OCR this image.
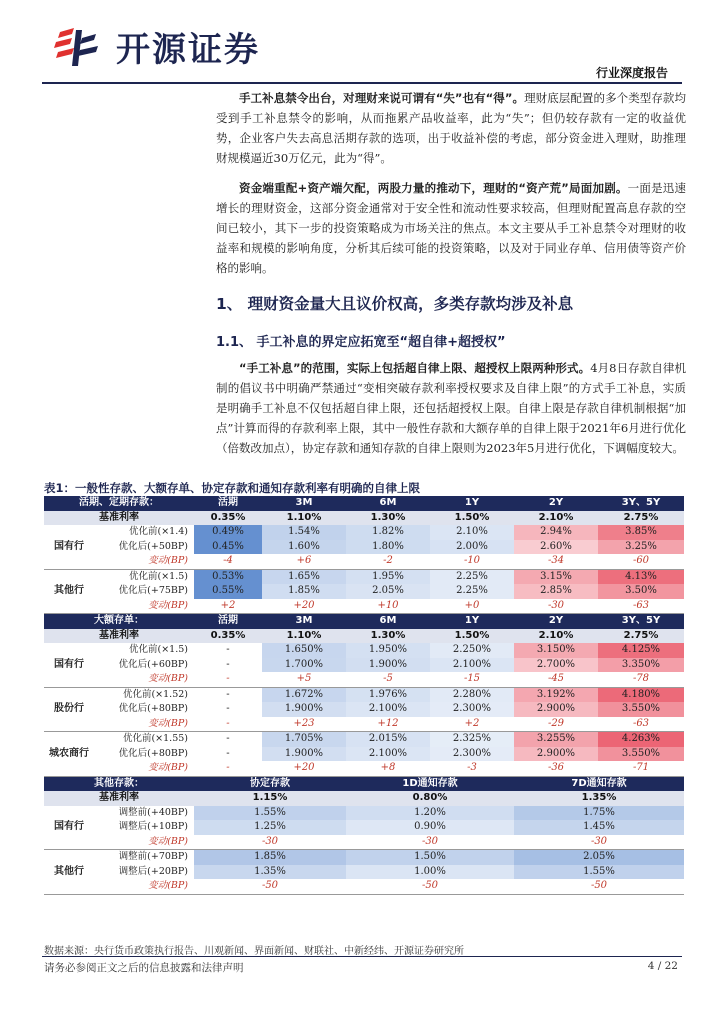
开源证券
行业深度报告

手工补息禁令出台，对理财来说可谓有“失”也有“得”。理财底层配置的多个类型存款均受到手工补息禁令的影响，从而拖累产品收益率，此为“失”；但仍较存款有一定的收益优势，企业客户失去高息活期存款的选项，出于收益补偿的考虑，部分资金进入理财，助推理财规模逼近30万亿元，此为“得”。

资金端重配+资产端欠配，两股力量的推动下，理财的“资产荒”局面加剧。一面是迅速增长的理财资金，这部分资金通常对于安全性和流动性要求较高，但理财配置高息存款的空间已较小，其下一步的投资策略成为市场关注的焦点。本文主要从手工补息禁令对理财的收益率和规模的影响角度，分析其后续可能的投资策略，以及对于同业存单、信用债等资产价格的影响。

1、 理财资金量大且议价权高，多类存款均涉及补息
1.1、 手工补息的界定应拓宽至“超自律+超授权”

“手工补息”的范围，实际上包括超自律上限、超授权上限两种形式。4月8日存款自律机制的倡议书中明确严禁通过“变相突破存款利率授权要求及自律上限”的方式手工补息，实质是明确手工补息不仅包括超自律上限，还包括超授权上限。自律上限是存款自律机制根据“加点”计算而得的存款利率上限，其中一般性存款和大额存单的自律上限于2021年6月进行优化（倍数改加点），协定存款和通知存款的自律上限则为2023年5月进行优化，下调幅度较大。

表1：一般性存款、大额存单、协定存款和通知存款利率有明确的自律上限
活期、定期存款：		活期	3M	6M	1Y	2Y	3Y、5Y
基准利率		0.35%	1.10%	1.30%	1.50%	2.10%	2.75%
国有行	优化前(×1.4)	0.49%	1.54%	1.82%	2.10%	2.94%	3.85%
	优化后(+50BP)	0.45%	1.60%	1.80%	2.00%	2.60%	3.25%
	变动(BP)	-4	+6	-2	-10	-34	-60
其他行	优化前(×1.5)	0.53%	1.65%	1.95%	2.25%	3.15%	4.13%
	优化后(+75BP)	0.55%	1.85%	2.05%	2.25%	2.85%	3.50%
	变动(BP)	+2	+20	+10	+0	-30	-63
大额存单：		活期	3M	6M	1Y	2Y	3Y、5Y
基准利率		0.35%	1.10%	1.30%	1.50%	2.10%	2.75%
国有行	优化前(×1.5)	-	1.650%	1.950%	2.250%	3.150%	4.125%
	优化后(+60BP)	-	1.700%	1.900%	2.100%	2.700%	3.350%
	变动(BP)	-	+5	-5	-15	-45	-78
股份行	优化前(×1.52)	-	1.672%	1.976%	2.280%	3.192%	4.180%
	优化后(+80BP)	-	1.900%	2.100%	2.300%	2.900%	3.550%
	变动(BP)	-	+23	+12	+2	-29	-63
城农商行	优化前(×1.55)	-	1.705%	2.015%	2.325%	3.255%	4.263%
	优化后(+80BP)	-	1.900%	2.100%	2.300%	2.900%	3.550%
	变动(BP)	-	+20	+8	-3	-36	-71
其他存款：		协定存款		1D通知存款		7D通知存款	
基准利率		1.15%		0.80%		1.35%	
国有行	调整前(+40BP)	1.55%		1.20%		1.75%	
	调整后(+10BP)	1.25%		0.90%		1.45%	
	变动(BP)	-30		-30		-30	
其他行	调整前(+70BP)	1.85%		1.50%		2.05%	
	调整后(+20BP)	1.35%		1.00%		1.55%	
	变动(BP)	-50		-50		-50	
数据来源：央行货币政策执行报告、川观新闻、界面新闻、财联社、中新经纬、开源证券研究所
请务必参阅正文之后的信息披露和法律声明	4 / 22
